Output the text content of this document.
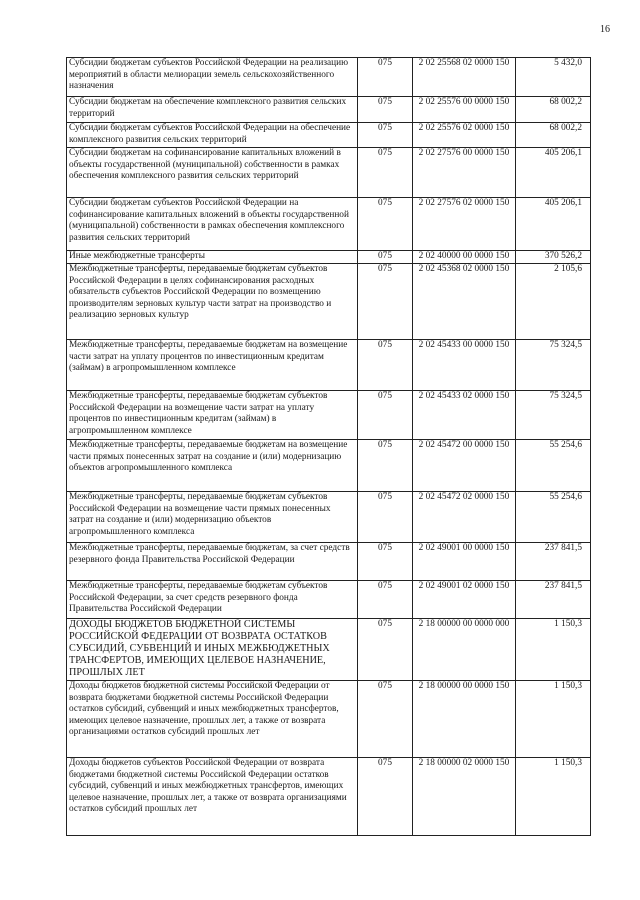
16
Субсидии бюджетам субъектов Российской Федерации на реализацию мероприятий в области мелиорации земель сельскохозяйственного назначения	075	2 02 25568 02 0000 150	5 432,0
Субсидии бюджетам на обеспечение комплексного развития сельских территорий	075	2 02 25576 00 0000 150	68 002,2
Субсидии бюджетам субъектов Российской Федерации на обеспечение комплексного развития сельских территорий	075	2 02 25576 02 0000 150	68 002,2
Субсидии бюджетам на софинансирование капитальных вложений в объекты государственной (муниципальной) собственности в рамках обеспечения комплексного развития сельских территорий	075	2 02 27576 00 0000 150	405 206,1
Субсидии бюджетам субъектов Российской Федерации на софинансирование капитальных вложений в объекты государственной (муниципальной) собственности в рамках обеспечения комплексного развития сельских территорий	075	2 02 27576 02 0000 150	405 206,1
Иные межбюджетные трансферты	075	2 02 40000 00 0000 150	370 526,2
Межбюджетные трансферты, передаваемые бюджетам субъектов Российской Федерации в целях софинансирования расходных обязательств субъектов Российской Федерации по возмещению производителям зерновых культур части затрат на производство и реализацию зерновых культур	075	2 02 45368 02 0000 150	2 105,6
Межбюджетные трансферты, передаваемые бюджетам на возмещение части затрат на уплату процентов по инвестиционным кредитам (займам) в агропромышленном комплексе	075	2 02 45433 00 0000 150	75 324,5
Межбюджетные трансферты, передаваемые бюджетам субъектов Российской Федерации на возмещение части затрат на уплату процентов по инвестиционным кредитам (займам) в агропромышленном комплексе	075	2 02 45433 02 0000 150	75 324,5
Межбюджетные трансферты, передаваемые бюджетам на возмещение части прямых понесенных затрат на создание и (или) модернизацию объектов агропромышленного комплекса	075	2 02 45472 00 0000 150	55 254,6
Межбюджетные трансферты, передаваемые бюджетам субъектов Российской Федерации на возмещение части прямых понесенных затрат на создание и (или) модернизацию объектов агропромышленного комплекса	075	2 02 45472 02 0000 150	55 254,6
Межбюджетные трансферты, передаваемые бюджетам, за счет средств резервного фонда Правительства Российской Федерации	075	2 02 49001 00 0000 150	237 841,5
Межбюджетные трансферты, передаваемые бюджетам субъектов Российской Федерации, за счет средств резервного фонда Правительства Российской Федерации	075	2 02 49001 02 0000 150	237 841,5
ДОХОДЫ БЮДЖЕТОВ БЮДЖЕТНОЙ СИСТЕМЫ РОССИЙСКОЙ ФЕДЕРАЦИИ ОТ ВОЗВРАТА ОСТАТКОВ СУБСИДИЙ, СУБВЕНЦИЙ И ИНЫХ МЕЖБЮДЖЕТНЫХ ТРАНСФЕРТОВ, ИМЕЮЩИХ ЦЕЛЕВОЕ НАЗНАЧЕНИЕ, ПРОШЛЫХ ЛЕТ	075	2 18 00000 00 0000 000	1 150,3
Доходы бюджетов бюджетной системы Российской Федерации от возврата бюджетами бюджетной системы Российской Федерации остатков субсидий, субвенций и иных межбюджетных трансфертов, имеющих целевое назначение, прошлых лет, а также от возврата организациями остатков субсидий прошлых лет	075	2 18 00000 00 0000 150	1 150,3
Доходы бюджетов субъектов Российской Федерации от возврата бюджетами бюджетной системы Российской Федерации остатков субсидий, субвенций и иных межбюджетных трансфертов, имеющих целевое назначение, прошлых лет, а также от возврата организациями остатков субсидий прошлых лет	075	2 18 00000 02 0000 150	1 150,3
